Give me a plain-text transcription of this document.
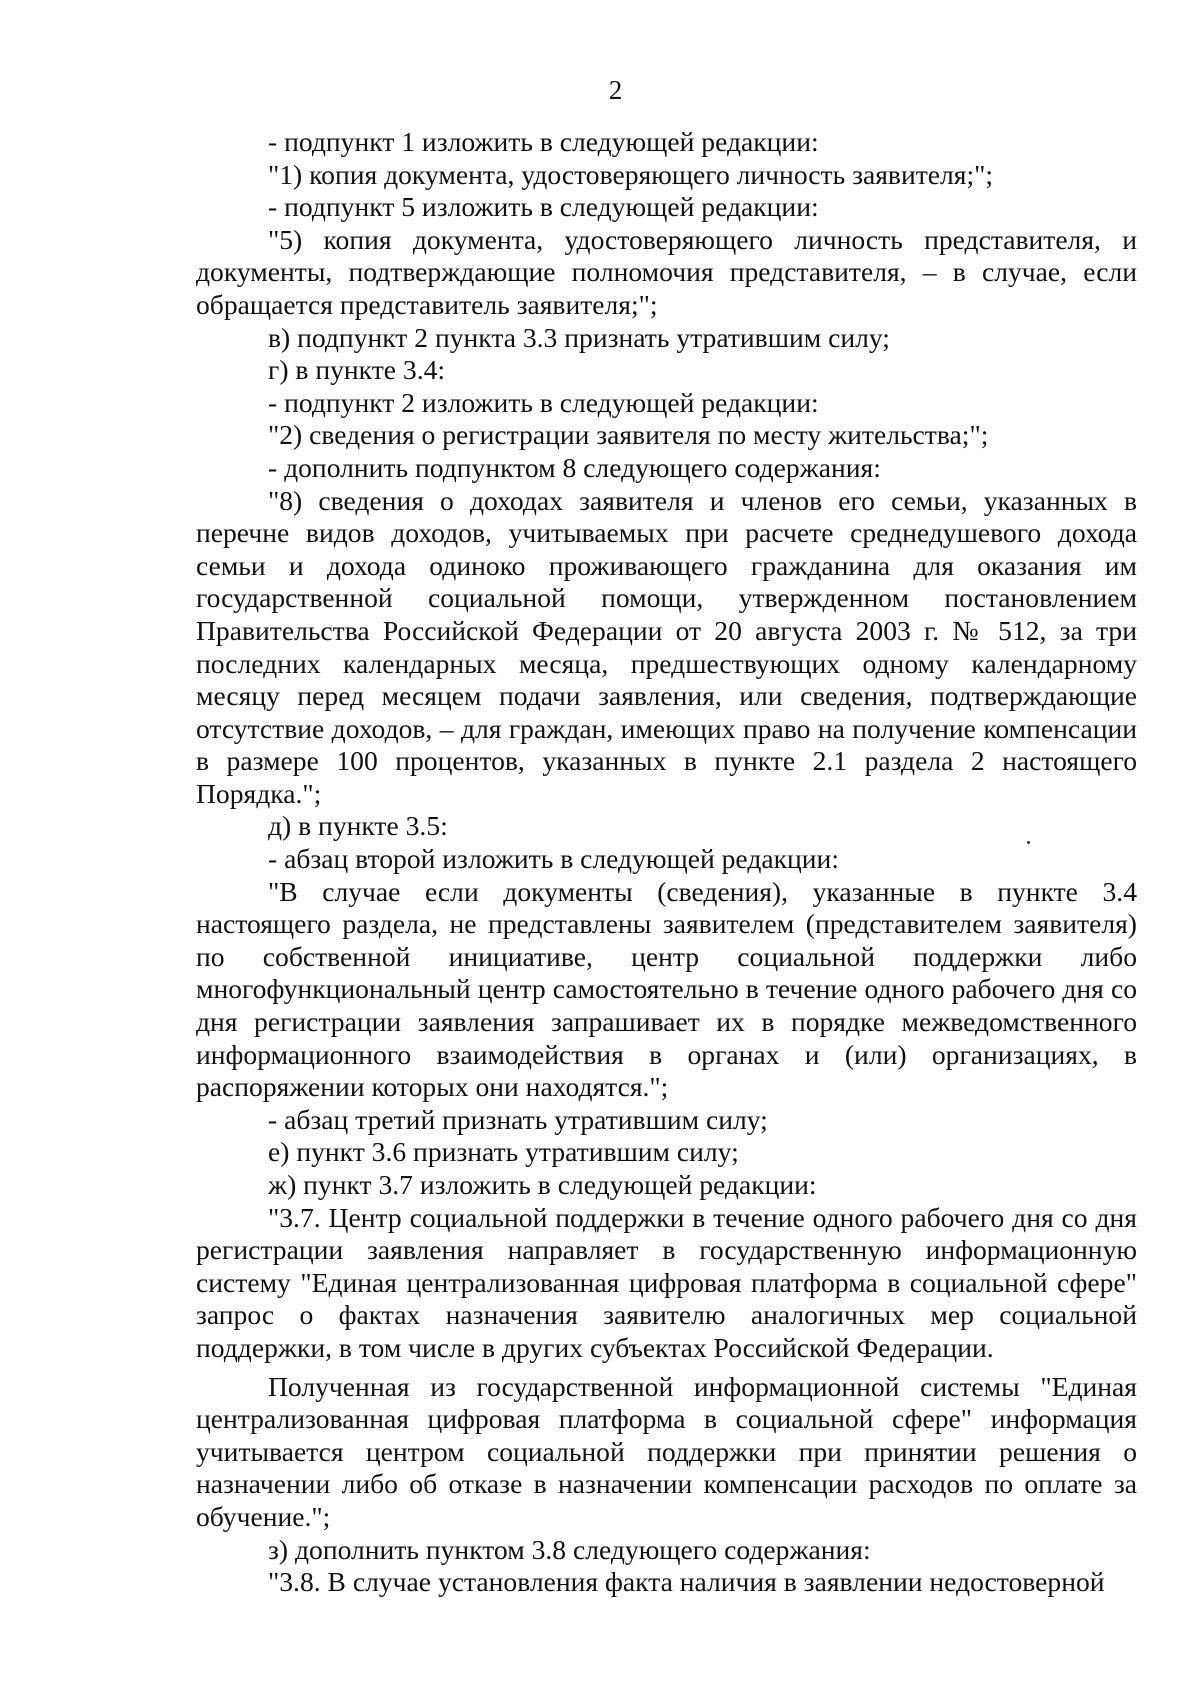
2

- подпункт 1 изложить в следующей редакции:

"1) копия документа, удостоверяющего личность заявителя;";

- подпункт 5 изложить в следующей редакции:

"5) копия документа, удостоверяющего личность представителя, и документы, подтверждающие полномочия представителя, – в случае, если обращается представитель заявителя;";

в) подпункт 2 пункта 3.3 признать утратившим силу;

г) в пункте 3.4:

- подпункт 2 изложить в следующей редакции:

"2) сведения о регистрации заявителя по месту жительства;";

- дополнить подпунктом 8 следующего содержания:

"8) сведения о доходах заявителя и членов его семьи, указанных в перечне видов доходов, учитываемых при расчете среднедушевого дохода семьи и дохода одиноко проживающего гражданина для оказания им государственной социальной помощи, утвержденном постановлением Правительства Российской Федерации от 20 августа 2003 г. № 512, за три последних календарных месяца, предшествующих одному календарному месяцу перед месяцем подачи заявления, или сведения, подтверждающие отсутствие доходов, – для граждан, имеющих право на получение компенсации в размере 100 процентов, указанных в пункте 2.1 раздела 2 настоящего Порядка.";

д) в пункте 3.5:

- абзац второй изложить в следующей редакции:

"В случае если документы (сведения), указанные в пункте 3.4 настоящего раздела, не представлены заявителем (представителем заявителя) по собственной инициативе, центр социальной поддержки либо многофункциональный центр самостоятельно в течение одного рабочего дня со дня регистрации заявления запрашивает их в порядке межведомственного информационного взаимодействия в органах и (или) организациях, в распоряжении которых они находятся.";

- абзац третий признать утратившим силу;

е) пункт 3.6 признать утратившим силу;

ж) пункт 3.7 изложить в следующей редакции:

"3.7. Центр социальной поддержки в течение одного рабочего дня со дня регистрации заявления направляет в государственную информационную систему "Единая централизованная цифровая платформа в социальной сфере" запрос о фактах назначения заявителю аналогичных мер социальной поддержки, в том числе в других субъектах Российской Федерации.

Полученная из государственной информационной системы "Единая централизованная цифровая платформа в социальной сфере" информация учитывается центром социальной поддержки при принятии решения о назначении либо об отказе в назначении компенсации расходов по оплате за обучение.";

з) дополнить пунктом 3.8 следующего содержания:

"3.8. В случае установления факта наличия в заявлении недостоверной
